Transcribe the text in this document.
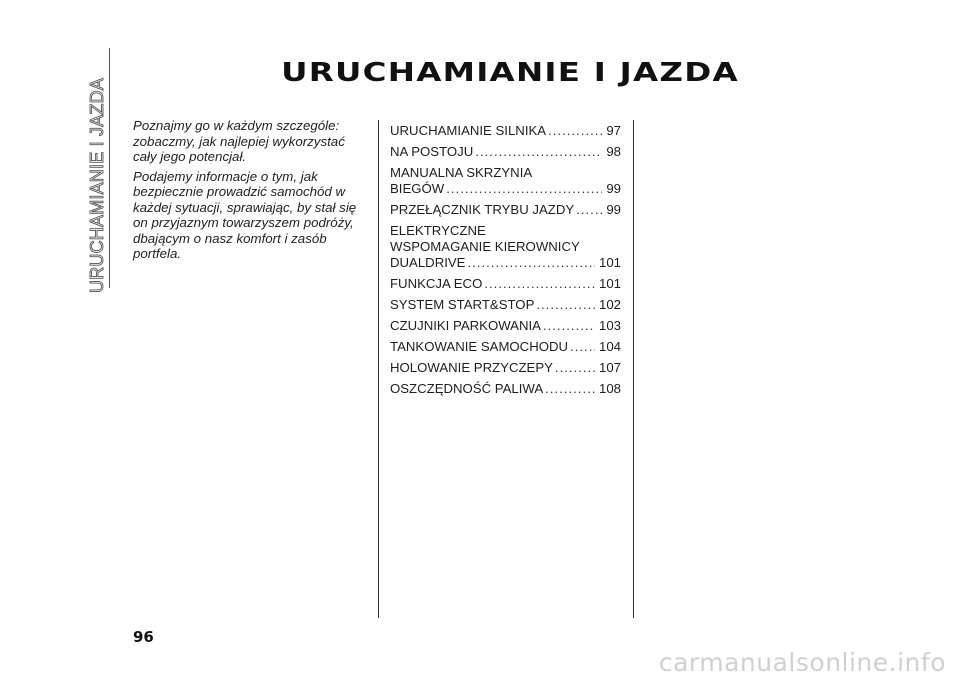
URUCHAMIANIE I JAZDA
URUCHAMIANIE I JAZDA

Poznajmy go w każdym szczególe: zobaczmy, jak najlepiej wykorzystać cały jego potencjał.

Podajemy informacje o tym, jak bezpiecznie prowadzić samochód w każdej sytuacji, sprawiając, by stał się on przyjaznym towarzyszem podróży, dbającym o nasz komfort i zasób portfela.

URUCHAMIANIE SILNIKA .....	97
NA POSTOJU .....	98
MANUALNA SKRZYNIA
BIEGÓW .....	99
PRZEŁĄCZNIK TRYBU JAZDY ..... 99
ELEKTRYCZNE
WSPOMAGANIE KIEROWNICY
DUALDRIVE .....	101
FUNKCJA ECO .....	101
SYSTEM START&STOP .....	102
CZUJNIKI PARKOWANIA .....	103
TANKOWANIE SAMOCHODU ..... 104
HOLOWANIE PRZYCZEPY .....	107
OSZCZĘDNOŚĆ PALIWA .....	108
96
carmanualsonline.info
